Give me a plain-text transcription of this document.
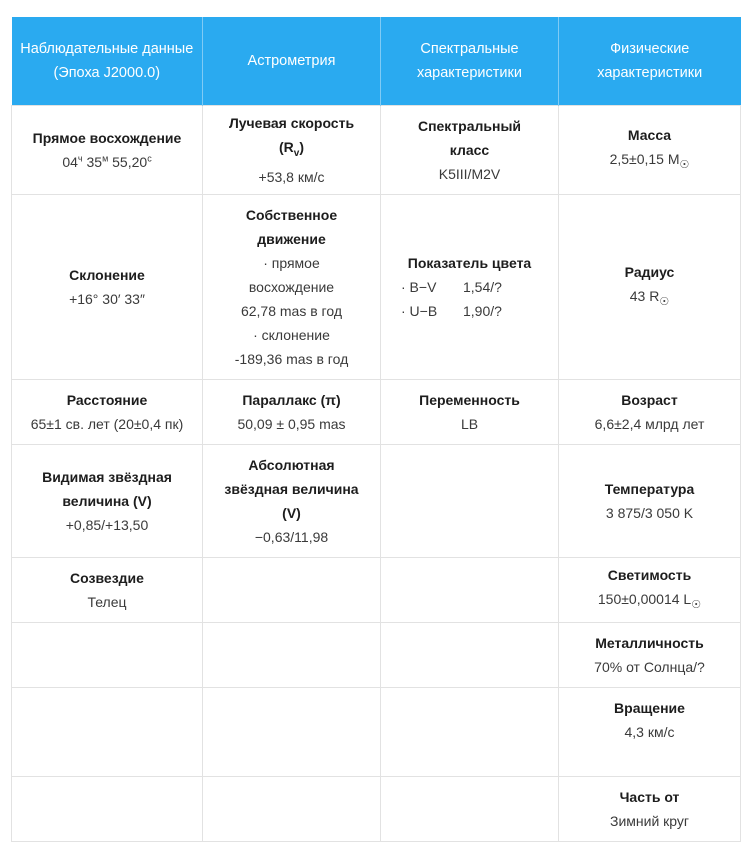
Наблюдательные данные
(Эпоха J2000.0)	Астрометрия	Спектральные характеристики	Физические характеристики

Прямое восхождение
$04^ч$ $35^м$ $55,20^с$	Лучевая скорость
$(R_v)$
+53,8 км/с	Спектральный класс
K5III/M2V	Масса
2,5±0,15 $M_☉$

Склонение
+16° 30′ 33″	Собственное движение
· прямое восхождение
62,78 mas в год
· склонение
-189,36 mas в год	Показатель цвета
· B−V 1,54/?
· U−B 1,90/?	Радиус
43 $R_☉$

Расстояние
65±1 св. лет (20±0,4 пк)	Параллакс (π)
50,09 ± 0,95 mas	Переменность
LB	Возраст
6,6±2,4 млрд лет

Видимая звёздная величина (V)
+0,85/+13,50	Абсолютная звёздная величина (V)
−0,63/11,98		Температура
3 875/3 050 K

Созвездие
Телец			Светимость
150±0,00014 $L_☉$

			Металличность
70% от Солнца/?

			Вращение
4,3 км/с

			Часть от
Зимний круг
